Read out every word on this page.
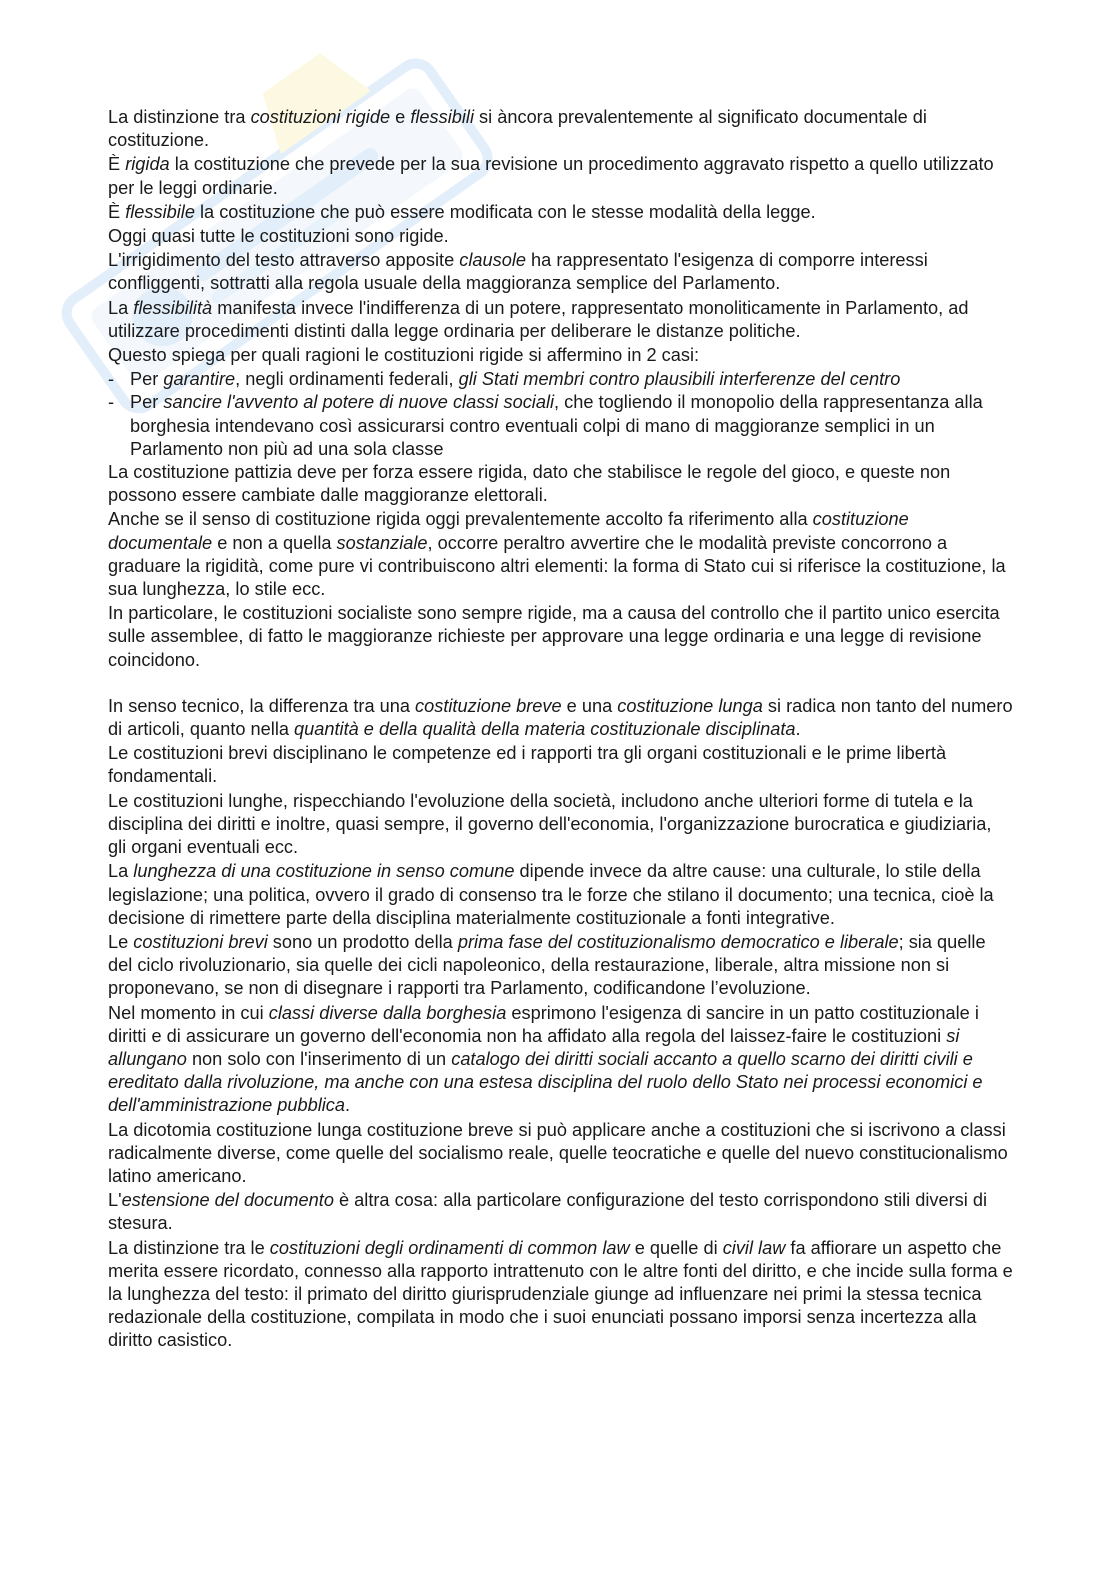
La distinzione tra costituzioni rigide e flessibili si àncora prevalentemente al significato documentale di costituzione.

È rigida la costituzione che prevede per la sua revisione un procedimento aggravato rispetto a quello utilizzato per le leggi ordinarie.

È flessibile la costituzione che può essere modificata con le stesse modalità della legge.

Oggi quasi tutte le costituzioni sono rigide.

L'irrigidimento del testo attraverso apposite clausole ha rappresentato l'esigenza di comporre interessi confliggenti, sottratti alla regola usuale della maggioranza semplice del Parlamento.

La flessibilità manifesta invece l'indifferenza di un potere, rappresentato monoliticamente in Parlamento, ad utilizzare procedimenti distinti dalla legge ordinaria per deliberare le distanze politiche.

Questo spiega per quali ragioni le costituzioni rigide si affermino in 2 casi:

- Per garantire, negli ordinamenti federali, gli Stati membri contro plausibili interferenze del centro
- Per sancire l'avvento al potere di nuove classi sociali, che togliendo il monopolio della rappresentanza alla borghesia intendevano così assicurarsi contro eventuali colpi di mano di maggioranze semplici in un Parlamento non più ad una sola classe

La costituzione pattizia deve per forza essere rigida, dato che stabilisce le regole del gioco, e queste non possono essere cambiate dalle maggioranze elettorali.

Anche se il senso di costituzione rigida oggi prevalentemente accolto fa riferimento alla costituzione documentale e non a quella sostanziale, occorre peraltro avvertire che le modalità previste concorrono a graduare la rigidità, come pure vi contribuiscono altri elementi: la forma di Stato cui si riferisce la costituzione, la sua lunghezza, lo stile ecc.

In particolare, le costituzioni socialiste sono sempre rigide, ma a causa del controllo che il partito unico esercita sulle assemblee, di fatto le maggioranze richieste per approvare una legge ordinaria e una legge di revisione coincidono.

In senso tecnico, la differenza tra una costituzione breve e una costituzione lunga si radica non tanto del numero di articoli, quanto nella quantità e della qualità della materia costituzionale disciplinata.

Le costituzioni brevi disciplinano le competenze ed i rapporti tra gli organi costituzionali e le prime libertà fondamentali.

Le costituzioni lunghe, rispecchiando l'evoluzione della società, includono anche ulteriori forme di tutela e la disciplina dei diritti e inoltre, quasi sempre, il governo dell'economia, l'organizzazione burocratica e giudiziaria, gli organi eventuali ecc.

La lunghezza di una costituzione in senso comune dipende invece da altre cause: una culturale, lo stile della legislazione; una politica, ovvero il grado di consenso tra le forze che stilano il documento; una tecnica, cioè la decisione di rimettere parte della disciplina materialmente costituzionale a fonti integrative.

Le costituzioni brevi sono un prodotto della prima fase del costituzionalismo democratico e liberale; sia quelle del ciclo rivoluzionario, sia quelle dei cicli napoleonico, della restaurazione, liberale, altra missione non si proponevano, se non di disegnare i rapporti tra Parlamento, codificandone l’evoluzione.

Nel momento in cui classi diverse dalla borghesia esprimono l'esigenza di sancire in un patto costituzionale i diritti e di assicurare un governo dell'economia non ha affidato alla regola del laissez-faire le costituzioni si allungano non solo con l'inserimento di un catalogo dei diritti sociali accanto a quello scarno dei diritti civili e ereditato dalla rivoluzione, ma anche con una estesa disciplina del ruolo dello Stato nei processi economici e dell'amministrazione pubblica.

La dicotomia costituzione lunga costituzione breve si può applicare anche a costituzioni che si iscrivono a classi radicalmente diverse, come quelle del socialismo reale, quelle teocratiche e quelle del nuevo constitucionalismo latino americano.

L'estensione del documento è altra cosa: alla particolare configurazione del testo corrispondono stili diversi di stesura.

La distinzione tra le costituzioni degli ordinamenti di common law e quelle di civil law fa affiorare un aspetto che merita essere ricordato, connesso alla rapporto intrattenuto con le altre fonti del diritto, e che incide sulla forma e la lunghezza del testo: il primato del diritto giurisprudenziale giunge ad influenzare nei primi la stessa tecnica redazionale della costituzione, compilata in modo che i suoi enunciati possano imporsi senza incertezza alla diritto casistico.
